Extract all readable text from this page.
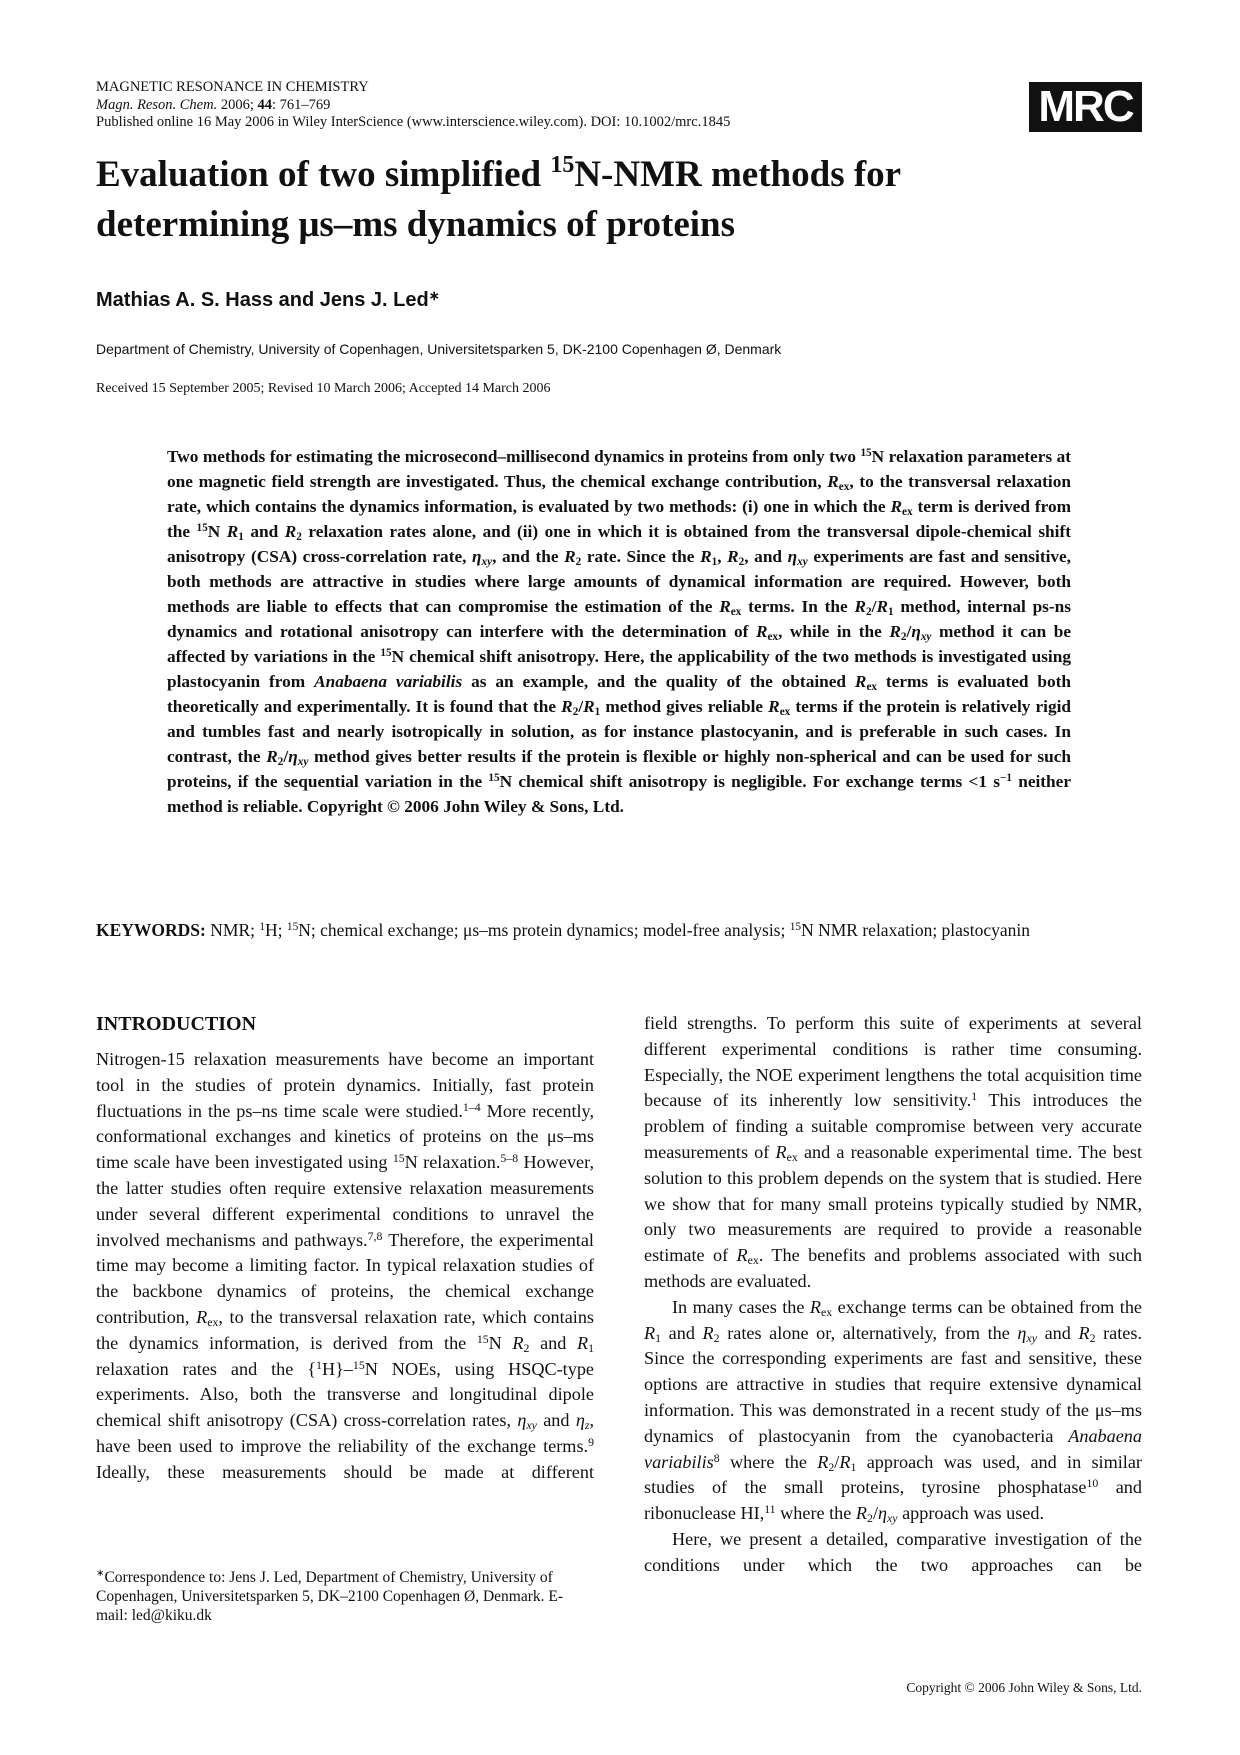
MAGNETIC RESONANCE IN CHEMISTRY
Magn. Reson. Chem. 2006; 44: 761–769
Published online 16 May 2006 in Wiley InterScience (www.interscience.wiley.com). DOI: 10.1002/mrc.1845	MRC
Evaluation of two simplified $^{15}$N-NMR methods for
determining μs–ms dynamics of proteins
Mathias A. S. Hass and Jens J. Led∗
Department of Chemistry, University of Copenhagen, Universitetsparken 5, DK-2100 Copenhagen Ø, Denmark
Received 15 September 2005; Revised 10 March 2006; Accepted 14 March 2006

Two methods for estimating the microsecond–millisecond dynamics in proteins from only two $^{15}$N relaxation parameters at one magnetic field strength are investigated. Thus, the chemical exchange contribution, $R_{ex}$, to the transversal relaxation rate, which contains the dynamics information, is evaluated by two methods: (i) one in which the $R_{ex}$ term is derived from the $^{15}$N $R_1$ and $R_2$ relaxation rates alone, and (ii) one in which it is obtained from the transversal dipole-chemical shift anisotropy (CSA) cross-correlation rate, $\eta_{xy}$, and the $R_2$ rate. Since the $R_1$, $R_2$, and $\eta_{xy}$ experiments are fast and sensitive, both methods are attractive in studies where large amounts of dynamical information are required. However, both methods are liable to effects that can compromise the estimation of the $R_{ex}$ terms. In the $R_2/R_1$ method, internal ps-ns dynamics and rotational anisotropy can interfere with the determination of $R_{ex}$, while in the $R_2/\eta_{xy}$ method it can be affected by variations in the $^{15}$N chemical shift anisotropy. Here, the applicability of the two methods is investigated using plastocyanin from Anabaena variabilis as an example, and the quality of the obtained $R_{ex}$ terms is evaluated both theoretically and experimentally. It is found that the $R_2/R_1$ method gives reliable $R_{ex}$ terms if the protein is relatively rigid and tumbles fast and nearly isotropically in solution, as for instance plastocyanin, and is preferable in such cases. In contrast, the $R_2/\eta_{xy}$ method gives better results if the protein is flexible or highly non-spherical and can be used for such proteins, if the sequential variation in the $^{15}$N chemical shift anisotropy is negligible. For exchange terms <1 $s^{-1}$ neither method is reliable. Copyright © 2006 John Wiley & Sons, Ltd.

KEYWORDS: NMR; $^1$H; $^{15}$N; chemical exchange; μs–ms protein dynamics; model-free analysis; $^{15}$N NMR relaxation; plastocyanin

INTRODUCTION

Nitrogen-15 relaxation measurements have become an important tool in the studies of protein dynamics. Initially, fast protein fluctuations in the ps–ns time scale were studied.$^{1-4}$ More recently, conformational exchanges and kinetics of proteins on the μs–ms time scale have been investigated using $^{15}$N relaxation.$^{5-8}$ However, the latter studies often require extensive relaxation measurements under several different experimental conditions to unravel the involved mechanisms and pathways.$^{7,8}$ Therefore, the experimental time may become a limiting factor. In typical relaxation studies of the backbone dynamics of proteins, the chemical exchange contribution, $R_{ex}$, to the transversal relaxation rate, which contains the dynamics information, is derived from the $^{15}$N $R_2$ and $R_1$ relaxation rates and the {$^1$H}–$^{15}$N NOEs, using HSQC-type experiments. Also, both the transverse and longitudinal dipole chemical shift anisotropy (CSA) cross-correlation rates, $\eta_{xy}$ and $\eta_z$, have been used to improve the reliability of the exchange terms.$^9$ Ideally, these measurements should be made at different

field strengths. To perform this suite of experiments at several different experimental conditions is rather time consuming. Especially, the NOE experiment lengthens the total acquisition time because of its inherently low sensitivity.$^1$ This introduces the problem of finding a suitable compromise between very accurate measurements of $R_{ex}$ and a reasonable experimental time. The best solution to this problem depends on the system that is studied. Here we show that for many small proteins typically studied by NMR, only two measurements are required to provide a reasonable estimate of $R_{ex}$. The benefits and problems associated with such methods are evaluated.

In many cases the $R_{ex}$ exchange terms can be obtained from the $R_1$ and $R_2$ rates alone or, alternatively, from the $\eta_{xy}$ and $R_2$ rates. Since the corresponding experiments are fast and sensitive, these options are attractive in studies that require extensive dynamical information. This was demonstrated in a recent study of the μs–ms dynamics of plastocyanin from the cyanobacteria Anabaena variabilis$^8$ where the $R_2/R_1$ approach was used, and in similar studies of the small proteins, tyrosine phosphatase$^{10}$ and ribonuclease HI,$^{11}$ where the $R_2/\eta_{xy}$ approach was used.

Here, we present a detailed, comparative investigation of the conditions under which the two approaches can be

∗Correspondence to: Jens J. Led, Department of Chemistry, University of Copenhagen, Universitetsparken 5, DK–2100 Copenhagen Ø, Denmark. E-mail: led@kiku.dk
Copyright © 2006 John Wiley & Sons, Ltd.
